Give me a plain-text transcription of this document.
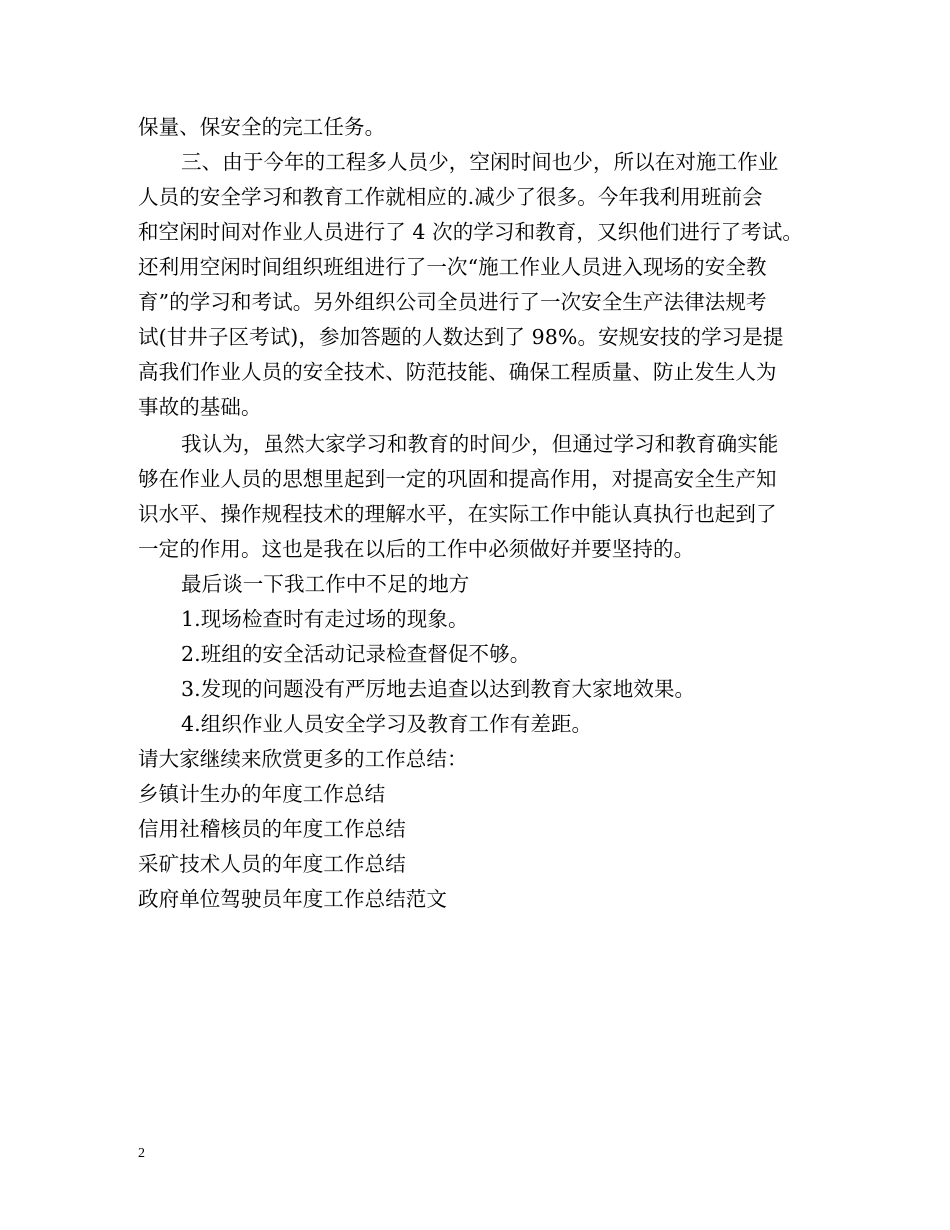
保量、保安全的完工任务。
三、由于今年的工程多人员少，空闲时间也少，所以在对施工作业
人员的安全学习和教育工作就相应的.减少了很多。今年我利用班前会
和空闲时间对作业人员进行了 4 次的学习和教育，又织他们进行了考试。
还利用空闲时间组织班组进行了一次“施工作业人员进入现场的安全教
育”的学习和考试。另外组织公司全员进行了一次安全生产法律法规考
试(甘井子区考试)，参加答题的人数达到了 98%。安规安技的学习是提
高我们作业人员的安全技术、防范技能、确保工程质量、防止发生人为
事故的基础。
我认为，虽然大家学习和教育的时间少，但通过学习和教育确实能
够在作业人员的思想里起到一定的巩固和提高作用，对提高安全生产知
识水平、操作规程技术的理解水平，在实际工作中能认真执行也起到了
一定的作用。这也是我在以后的工作中必须做好并要坚持的。
最后谈一下我工作中不足的地方
1.现场检查时有走过场的现象。
2.班组的安全活动记录检查督促不够。
3.发现的问题没有严厉地去追查以达到教育大家地效果。
4.组织作业人员安全学习及教育工作有差距。
请大家继续来欣赏更多的工作总结：
乡镇计生办的年度工作总结
信用社稽核员的年度工作总结
采矿技术人员的年度工作总结
政府单位驾驶员年度工作总结范文
2
